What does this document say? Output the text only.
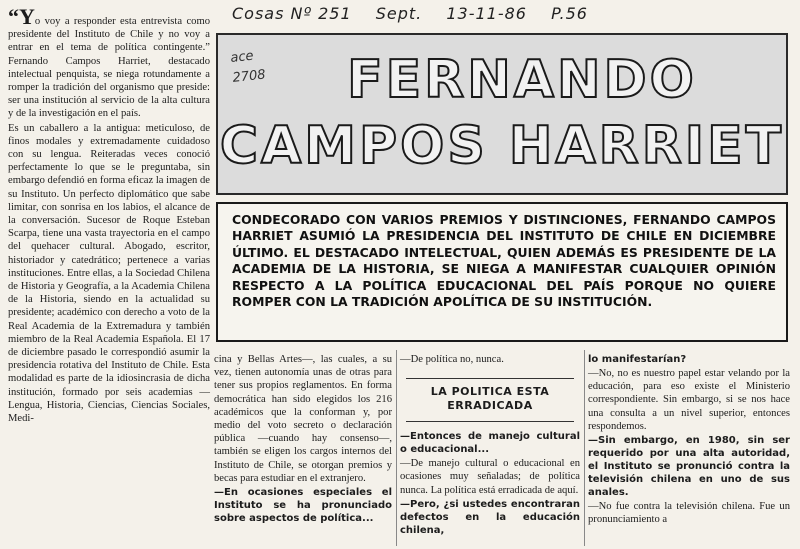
Cosas Nº 251 Sept. 13-11-86 P.56

“Yo voy a responder esta entrevista como presidente del Instituto de Chile y no voy a entrar en el tema de política contingente.” Fernando Campos Harriet, destacado intelectual penquista, se niega rotundamente a romper la tradición del organismo que preside: ser una institución al servicio de la alta cultura y de la investigación en el país.

Es un caballero a la antigua: meticuloso, de finos modales y extremadamente cuidadoso con su lengua. Reiteradas veces conoció perfectamente lo que se le preguntaba, sin embargo defendió en forma eficaz la imagen de su Instituto. Un perfecto diplomático que sabe limitar, con sonrisa en los labios, el alcance de la conversación. Sucesor de Roque Esteban Scarpa, tiene una vasta trayectoria en el campo del quehacer cultural. Abogado, escritor, historiador y catedrático; pertenece a varias instituciones. Entre ellas, a la Sociedad Chilena de Historia y Geografía, a la Academia Chilena de la Historia, siendo en la actualidad su presidente; académico con derecho a voto de la Real Academia de la Extremadura y también miembro de la Real Academia Española. El 17 de diciembre pasado le correspondió asumir la presidencia rotativa del Instituto de Chile. Esta modalidad es parte de la idiosincrasia de dicha institución, formado por seis academias —Lengua, Historia, Ciencias, Ciencias Sociales, Medi-

FERNANDO
CAMPOS HARRIET
ace
2708
CONDECORADO CON VARIOS PREMIOS Y DISTINCIONES, FERNANDO CAMPOS HARRIET ASUMIÓ LA PRESIDENCIA DEL INSTITUTO DE CHILE EN DICIEMBRE ÚLTIMO. EL DESTACADO INTELECTUAL, QUIEN ADEMÁS ES PRESIDENTE DE LA ACADEMIA DE LA HISTORIA, SE NIEGA A MANIFESTAR CUALQUIER OPINIÓN RESPECTO A LA POLÍTICA EDUCACIONAL DEL PAÍS PORQUE NO QUIERE ROMPER CON LA TRADICIÓN APOLÍTICA DE SU INSTITUCIÓN.

cina y Bellas Artes—, las cuales, a su vez, tienen autonomía unas de otras para tener sus propios reglamentos. En forma democrática han sido elegidos los 216 académicos que la conforman y, por medio del voto secreto o declaración pública —cuando hay consenso—, también se eligen los cargos internos del Instituto de Chile, se otorgan premios y becas para estudiar en el extranjero.

—En ocasiones especiales el Instituto se ha pronunciado sobre aspectos de política...

—De política no, nunca.

LA POLITICA ESTA
ERRADICADA

—Entonces de manejo cultural o educacional...

—De manejo cultural o educacional en ocasiones muy señaladas; de política nunca. La política está erradicada de aquí.

—Pero, ¿si ustedes encontraran defectos en la educación chilena,

lo manifestarían?

—No, no es nuestro papel estar velando por la educación, para eso existe el Ministerio correspondiente. Sin embargo, si se nos hace una consulta a un nivel superior, entonces respondemos.

—Sin embargo, en 1980, sin ser requerido por una alta autoridad, el Instituto se pronunció contra la televisión chilena en uno de sus anales.

—No fue contra la televisión chilena. Fue un pronunciamiento a
